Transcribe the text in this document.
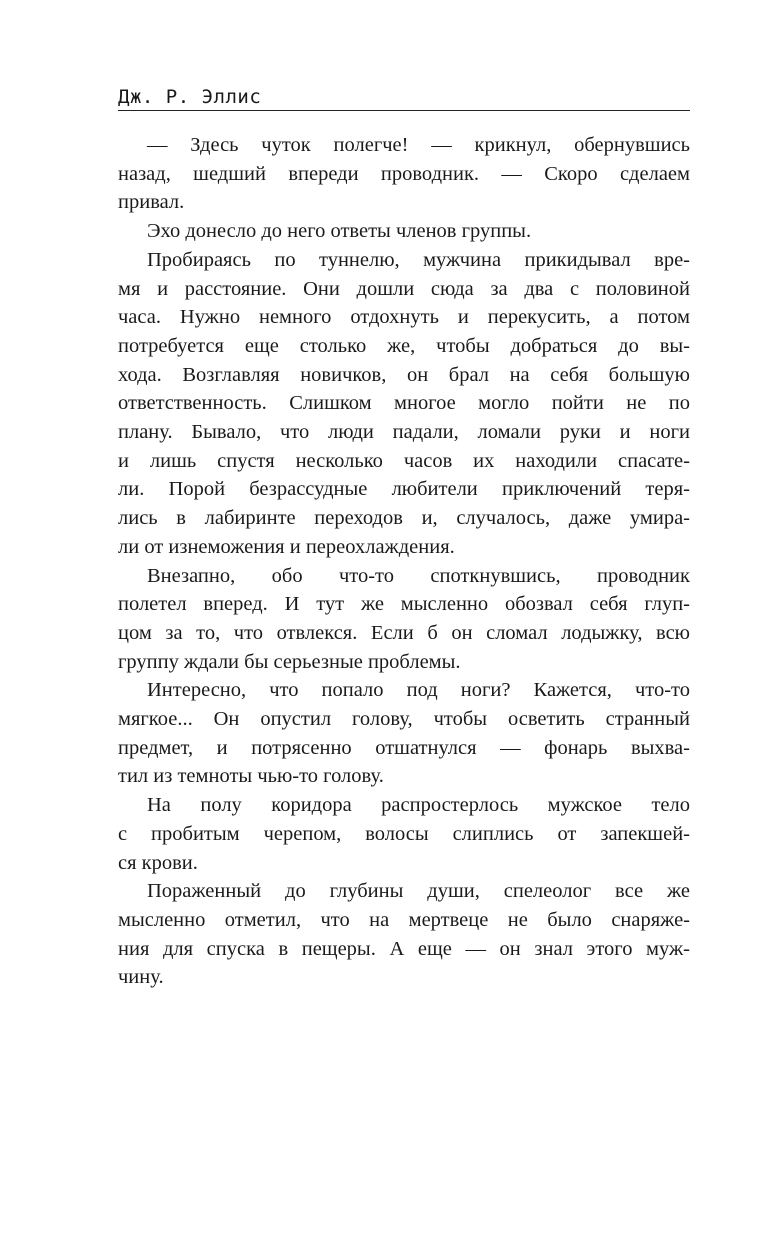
Дж. Р. Эллис
— Здесь чуток полегче! — крикнул, обернувшись
назад, шедший впереди проводник. — Скоро сделаем
привал.
Эхо донесло до него ответы членов группы.
Пробираясь по туннелю, мужчина прикидывал вре-
мя и расстояние. Они дошли сюда за два с половиной
часа. Нужно немного отдохнуть и перекусить, а потом
потребуется еще столько же, чтобы добраться до вы-
хода. Возглавляя новичков, он брал на себя большую
ответственность. Слишком многое могло пойти не по
плану. Бывало, что люди падали, ломали руки и ноги
и лишь спустя несколько часов их находили спасате-
ли. Порой безрассудные любители приключений теря-
лись в лабиринте переходов и, случалось, даже умира-
ли от изнеможения и переохлаждения.
Внезапно, обо что-то споткнувшись, проводник
полетел вперед. И тут же мысленно обозвал себя глуп-
цом за то, что отвлекся. Если б он сломал лодыжку, всю
группу ждали бы серьезные проблемы.
Интересно, что попало под ноги? Кажется, что-то
мягкое... Он опустил голову, чтобы осветить странный
предмет, и потрясенно отшатнулся — фонарь выхва-
тил из темноты чью-то голову.
На полу коридора распростерлось мужское тело
с пробитым черепом, волосы слиплись от запекшей-
ся крови.
Пораженный до глубины души, спелеолог все же
мысленно отметил, что на мертвеце не было снаряже-
ния для спуска в пещеры. А еще — он знал этого муж-
чину.
